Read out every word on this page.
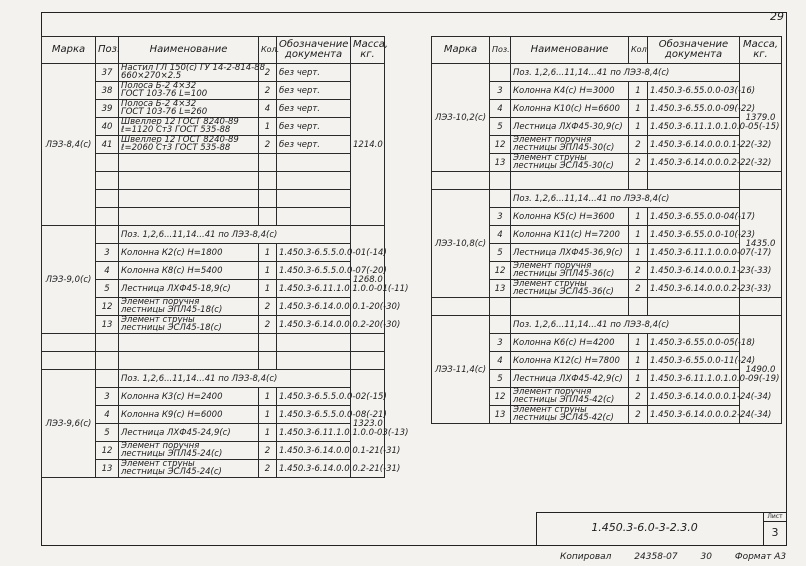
29
Марка	Поз.	Наименование	Кол.	Обозначение
документа	Масса,
кг.
ЛЭЗ-8,4(с)	37	Настил ГЛ 150(с) ГУ 14-2-814-88
660×270×2.5	2	без черт.	1214.0
	38	Полоса Б-2 4×32
ГОСТ 103-76 L=100	2	без черт.	
	39	Полоса Б-2 4×32
ГОСТ 103-76 L=260	4	без черт.	
	40	Швеллер 12 ГОСТ 8240-89
ℓ=1120 Ст3 ГОСТ 535-88	1	без черт.	
	41	Швеллер 12 ГОСТ 8240-89
ℓ=2060 Ст3 ГОСТ 535-88	2	без черт.	

ЛЭЗ-9,0(с)		Поз. 1,2,6...11,14...41 по ЛЭЗ-8,4(с)			1268.0
	3	Колонна К2(с) Н=1800	1	1.450.3-6.5.5.0.0-01(-14)	
	4	Колонна К8(с) Н=5400	1	1.450.3-6.5.5.0.0-07(-20)	
	5	Лестница ЛХФ45-18,9(с)	1	1.450.3-6.11.1.0.1.0.0-01(-11)	
	12	Элемент поручня
лестницы ЭПЛ45-18(с)	2	1.450.3-6.14.0.0.0.1-20(-30)	
	13	Элемент струны
лестницы ЭСЛ45-18(с)	2	1.450.3-6.14.0.0.0.2-20(-30)	

ЛЭЗ-9,6(с)		Поз. 1,2,6...11,14...41 по ЛЭЗ-8,4(с)			1323.0
	3	Колонна К3(с) Н=2400	1	1.450.3-6.5.5.0.0-02(-15)	
	4	Колонна К9(с) Н=6000	1	1.450.3-6.5.5.0.0-08(-21)	
	5	Лестница ЛХФ45-24,9(с)	1	1.450.3-6.11.1.0.1.0.0-03(-13)	
	12	Элемент поручня
лестницы ЭПЛ45-24(с)	2	1.450.3-6.14.0.0.0.1-21(-31)	
	13	Элемент струны
лестницы ЭСЛ45-24(с)	2	1.450.3-6.14.0.0.0.2-21(-31)	
Марка	Поз.	Наименование	Кол	Обозначение
документа	Масса,
кг.
ЛЭЗ-10,2(с)		Поз. 1,2,6...11,14...41 по ЛЭЗ-8,4(с)			1379.0
	3	Колонна К4(с) Н=3000	1	1.450.3-6.55.0.0-03(-16)	
	4	Колонна К10(с) Н=6600	1	1.450.3-6.55.0.0-09(-22)	
	5	Лестница ЛХФ45-30,9(с)	1	1.450.3-6.11.1.0.1.0.0-05(-15)	
	12	Элемент поручня
лестницы ЭПЛ45-30(с)	2	1.450.3-6.14.0.0.0.1-22(-32)	
	13	Элемент струны
лестницы ЭСЛ45-30(с)	2	1.450.3-6.14.0.0.0.2-22(-32)	

ЛЭЗ-10,8(с)		Поз. 1,2,6...11,14...41 по ЛЭЗ-8,4(с)			1435.0
	3	Колонна К5(с) Н=3600	1	1.450.3-6.55.0.0-04(-17)	
	4	Колонна К11(с) Н=7200	1	1.450.3-6.55.0.0-10(-23)	
	5	Лестница ЛХФ45-36,9(с)	1	1.450.3-6.11.1.0.0.0-07(-17)	
	12	Элемент поручня
лестницы ЭПЛ45-36(с)	2	1.450.3-6.14.0.0.0.1-23(-33)	
	13	Элемент струны
лестницы ЭСЛ45-36(с)	2	1.450.3-6.14.0.0.0.2-23(-33)	

ЛЭЗ-11,4(с)		Поз. 1,2,6...11,14...41 по ЛЭЗ-8,4(с)			1490.0
	3	Колонна К6(с) Н=4200	1	1.450.3-6.55.0.0-05(-18)	
	4	Колонна К12(с) Н=7800	1	1.450.3-6.55.0.0-11(-24)	
	5	Лестница ЛХФ45-42,9(с)	1	1.450.3-6.11.1.0.1.0.0-09(-19)	
	12	Элемент поручня
лестницы ЭПЛ45-42(с)	2	1.450.3-6.14.0.0.0.1-24(-34)	
	13	Элемент струны
лестницы ЭСЛ45-42(с)	2	1.450.3-6.14.0.0.0.2-24(-34)	
1.450.3-6.0-3-2.3.0
Лист
3
Копировал	24358-07	30	Формат А3
